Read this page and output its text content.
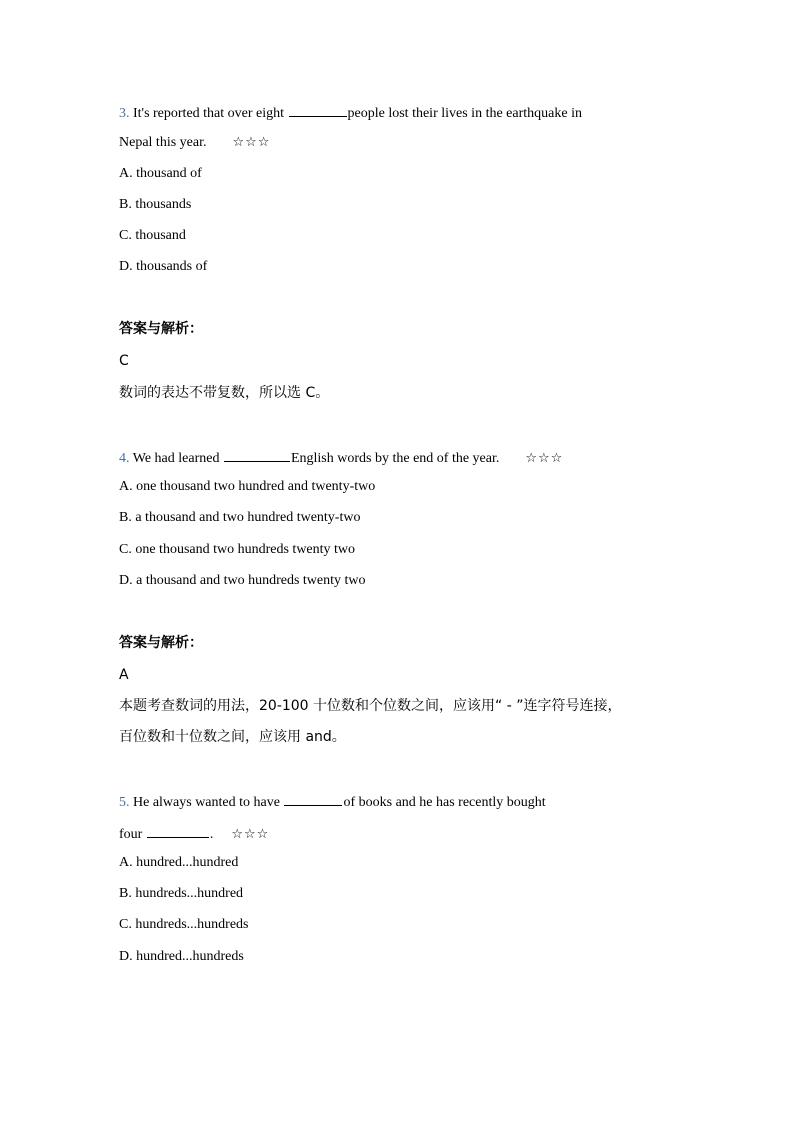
3. It's reported that over eight	people lost their lives in the earthquake in
Nepal this year. ☆☆☆
A. thousand of
B. thousands
C. thousand
D. thousands of
答案与解析：
C
数词的表达不带复数，所以选 C。
4. We had learned	English words by the end of the year. ☆☆☆
A. one thousand two hundred and twenty-two
B. a thousand and two hundred twenty-two
C. one thousand two hundreds twenty two
D. a thousand and two hundreds twenty two
答案与解析：
A
本题考查数词的用法，20-100 十位数和个位数之间，应该用“ - ”连字符号连接，
百位数和十位数之间，应该用 and。
5. He always wanted to have	of books and he has recently bought
four	. ☆☆☆
A. hundred...hundred
B. hundreds...hundred
C. hundreds...hundreds
D. hundred...hundreds
